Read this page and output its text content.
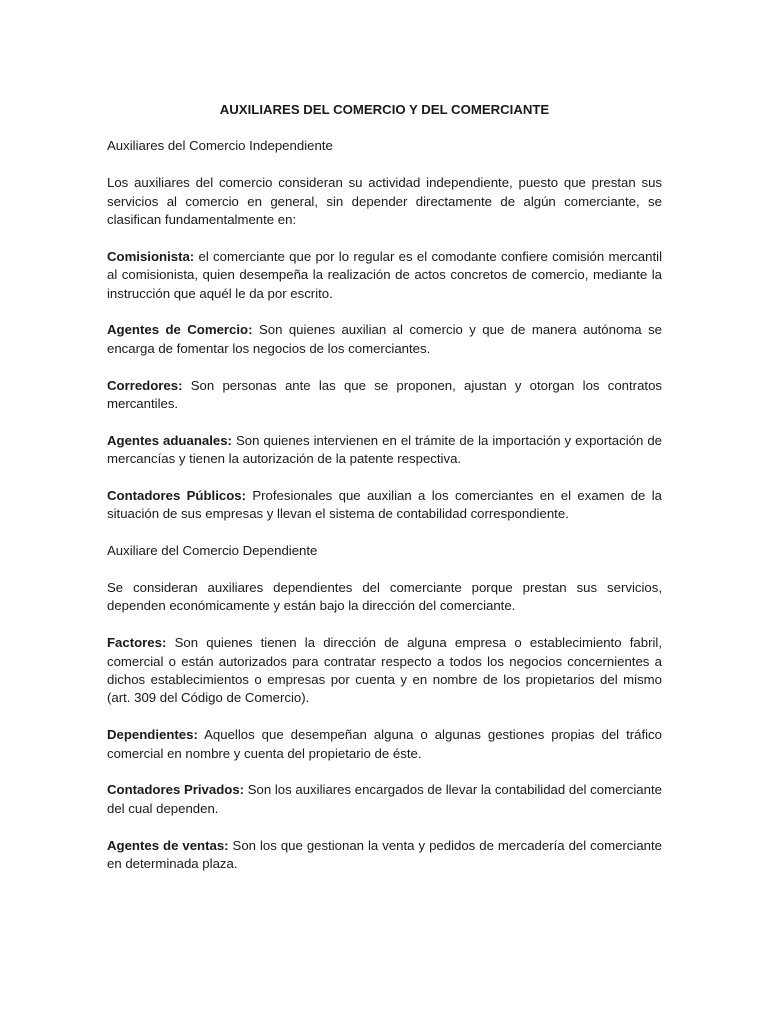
AUXILIARES DEL COMERCIO Y DEL COMERCIANTE
Auxiliares del Comercio Independiente

Los auxiliares del comercio consideran su actividad independiente, puesto que prestan sus servicios al comercio en general, sin depender directamente de algún comerciante, se clasifican fundamentalmente en:

Comisionista: el comerciante que por lo regular es el comodante confiere comisión mercantil al comisionista, quien desempeña la realización de actos concretos de comercio, mediante la instrucción que aquél le da por escrito.

Agentes de Comercio: Son quienes auxilian al comercio y que de manera autónoma se encarga de fomentar los negocios de los comerciantes.

Corredores: Son personas ante las que se proponen, ajustan y otorgan los contratos mercantiles.

Agentes aduanales: Son quienes intervienen en el trámite de la importación y exportación de mercancías y tienen la autorización de la patente respectiva.

Contadores Públicos: Profesionales que auxilian a los comerciantes en el examen de la situación de sus empresas y llevan el sistema de contabilidad correspondiente.

Auxiliare del Comercio Dependiente

Se consideran auxiliares dependientes del comerciante porque prestan sus servicios, dependen económicamente y están bajo la dirección del comerciante.

Factores: Son quienes tienen la dirección de alguna empresa o establecimiento fabril, comercial o están autorizados para contratar respecto a todos los negocios concernientes a dichos establecimientos o empresas por cuenta y en nombre de los propietarios del mismo (art. 309 del Código de Comercio).

Dependientes: Aquellos que desempeñan alguna o algunas gestiones propias del tráfico comercial en nombre y cuenta del propietario de éste.

Contadores Privados: Son los auxiliares encargados de llevar la contabilidad del comerciante del cual dependen.

Agentes de ventas: Son los que gestionan la venta y pedidos de mercadería del comerciante en determinada plaza.
